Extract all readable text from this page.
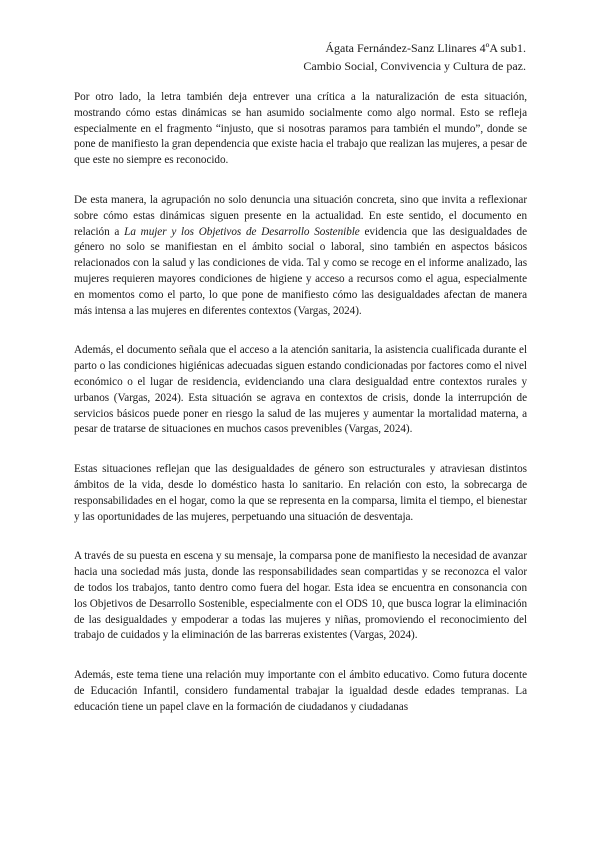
Ágata Fernández-Sanz Llinares 4ºA sub1.
Cambio Social, Convivencia y Cultura de paz.

Por otro lado, la letra también deja entrever una crítica a la naturalización de esta situación, mostrando cómo estas dinámicas se han asumido socialmente como algo normal. Esto se refleja especialmente en el fragmento “injusto, que si nosotras paramos para también el mundo”, donde se pone de manifiesto la gran dependencia que existe hacia el trabajo que realizan las mujeres, a pesar de que este no siempre es reconocido.

De esta manera, la agrupación no solo denuncia una situación concreta, sino que invita a reflexionar sobre cómo estas dinámicas siguen presente en la actualidad. En este sentido, el documento en relación a La mujer y los Objetivos de Desarrollo Sostenible evidencia que las desigualdades de género no solo se manifiestan en el ámbito social o laboral, sino también en aspectos básicos relacionados con la salud y las condiciones de vida. Tal y como se recoge en el informe analizado, las mujeres requieren mayores condiciones de higiene y acceso a recursos como el agua, especialmente en momentos como el parto, lo que pone de manifiesto cómo las desigualdades afectan de manera más intensa a las mujeres en diferentes contextos (Vargas, 2024).

Además, el documento señala que el acceso a la atención sanitaria, la asistencia cualificada durante el parto o las condiciones higiénicas adecuadas siguen estando condicionadas por factores como el nivel económico o el lugar de residencia, evidenciando una clara desigualdad entre contextos rurales y urbanos (Vargas, 2024). Esta situación se agrava en contextos de crisis, donde la interrupción de servicios básicos puede poner en riesgo la salud de las mujeres y aumentar la mortalidad materna, a pesar de tratarse de situaciones en muchos casos prevenibles (Vargas, 2024).

Estas situaciones reflejan que las desigualdades de género son estructurales y atraviesan distintos ámbitos de la vida, desde lo doméstico hasta lo sanitario. En relación con esto, la sobrecarga de responsabilidades en el hogar, como la que se representa en la comparsa, limita el tiempo, el bienestar y las oportunidades de las mujeres, perpetuando una situación de desventaja.

A través de su puesta en escena y su mensaje, la comparsa pone de manifiesto la necesidad de avanzar hacia una sociedad más justa, donde las responsabilidades sean compartidas y se reconozca el valor de todos los trabajos, tanto dentro como fuera del hogar. Esta idea se encuentra en consonancia con los Objetivos de Desarrollo Sostenible, especialmente con el ODS 10, que busca lograr la eliminación de las desigualdades y empoderar a todas las mujeres y niñas, promoviendo el reconocimiento del trabajo de cuidados y la eliminación de las barreras existentes (Vargas, 2024).

Además, este tema tiene una relación muy importante con el ámbito educativo. Como futura docente de Educación Infantil, considero fundamental trabajar la igualdad desde edades tempranas. La educación tiene un papel clave en la formación de ciudadanos y ciudadanas
